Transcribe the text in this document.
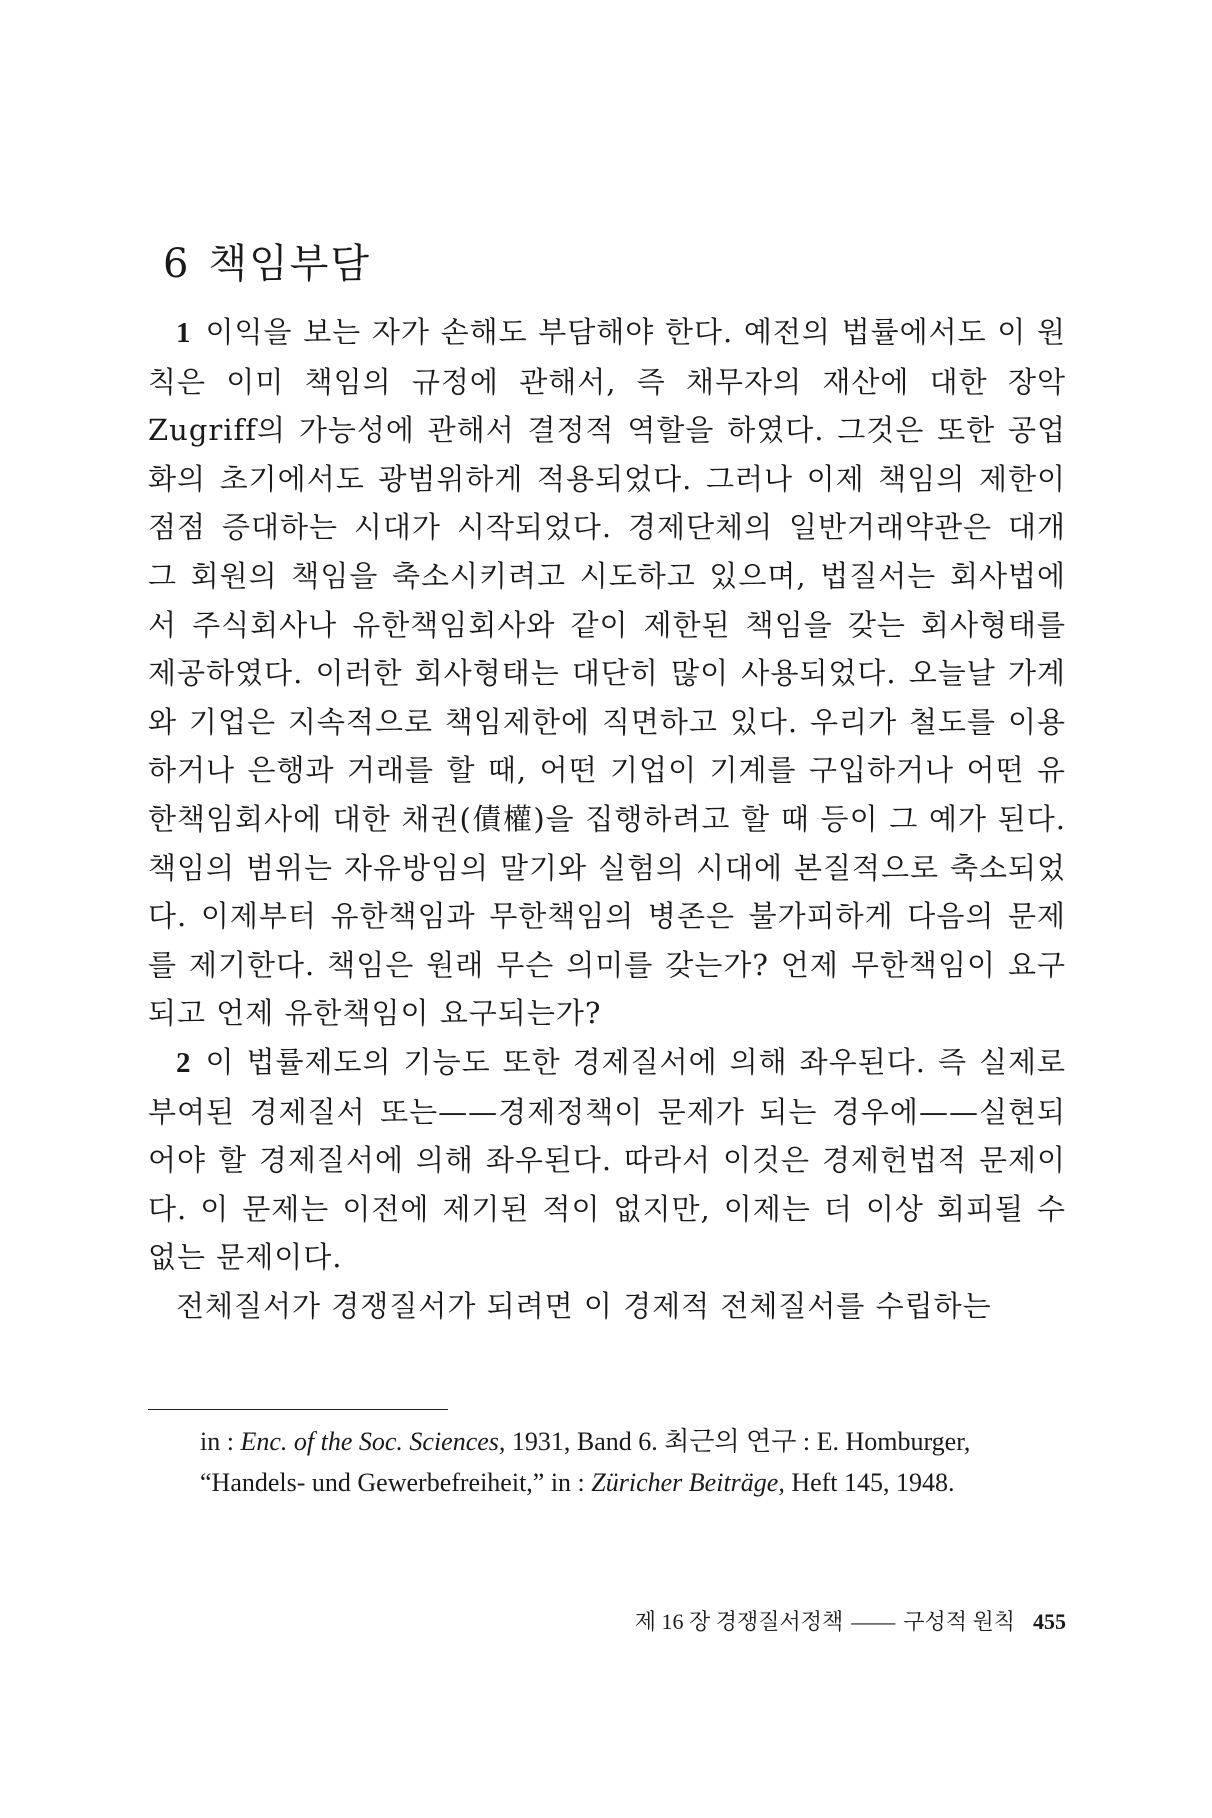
6 책임부담

1 이익을 보는 자가 손해도 부담해야 한다. 예전의 법률에서도 이 원칙은 이미 책임의 규정에 관해서, 즉 채무자의 재산에 대한 장악 Zugriff의 가능성에 관해서 결정적 역할을 하였다. 그것은 또한 공업화의 초기에서도 광범위하게 적용되었다. 그러나 이제 책임의 제한이 점점 증대하는 시대가 시작되었다. 경제단체의 일반거래약관은 대개 그 회원의 책임을 축소시키려고 시도하고 있으며, 법질서는 회사법에서 주식회사나 유한책임회사와 같이 제한된 책임을 갖는 회사형태를 제공하였다. 이러한 회사형태는 대단히 많이 사용되었다. 오늘날 가계와 기업은 지속적으로 책임제한에 직면하고 있다. 우리가 철도를 이용하거나 은행과 거래를 할 때, 어떤 기업이 기계를 구입하거나 어떤 유한책임회사에 대한 채권(債權)을 집행하려고 할 때 등이 그 예가 된다. 책임의 범위는 자유방임의 말기와 실험의 시대에 본질적으로 축소되었다. 이제부터 유한책임과 무한책임의 병존은 불가피하게 다음의 문제를 제기한다. 책임은 원래 무슨 의미를 갖는가? 언제 무한책임이 요구되고 언제 유한책임이 요구되는가?

2 이 법률제도의 기능도 또한 경제질서에 의해 좌우된다. 즉 실제로 부여된 경제질서 또는——경제정책이 문제가 되는 경우에——실현되어야 할 경제질서에 의해 좌우된다. 따라서 이것은 경제헌법적 문제이다. 이 문제는 이전에 제기된 적이 없지만, 이제는 더 이상 회피될 수 없는 문제이다.

전체질서가 경쟁질서가 되려면 이 경제적 전체질서를 수립하는

in : Enc. of the Soc. Sciences, 1931, Band 6. 최근의 연구 : E. Homburger, “Handels- und Gewerbefreiheit,” in : Züricher Beiträge, Heft 145, 1948.
제 16 장 경쟁질서정책 —— 구성적 원칙 455
